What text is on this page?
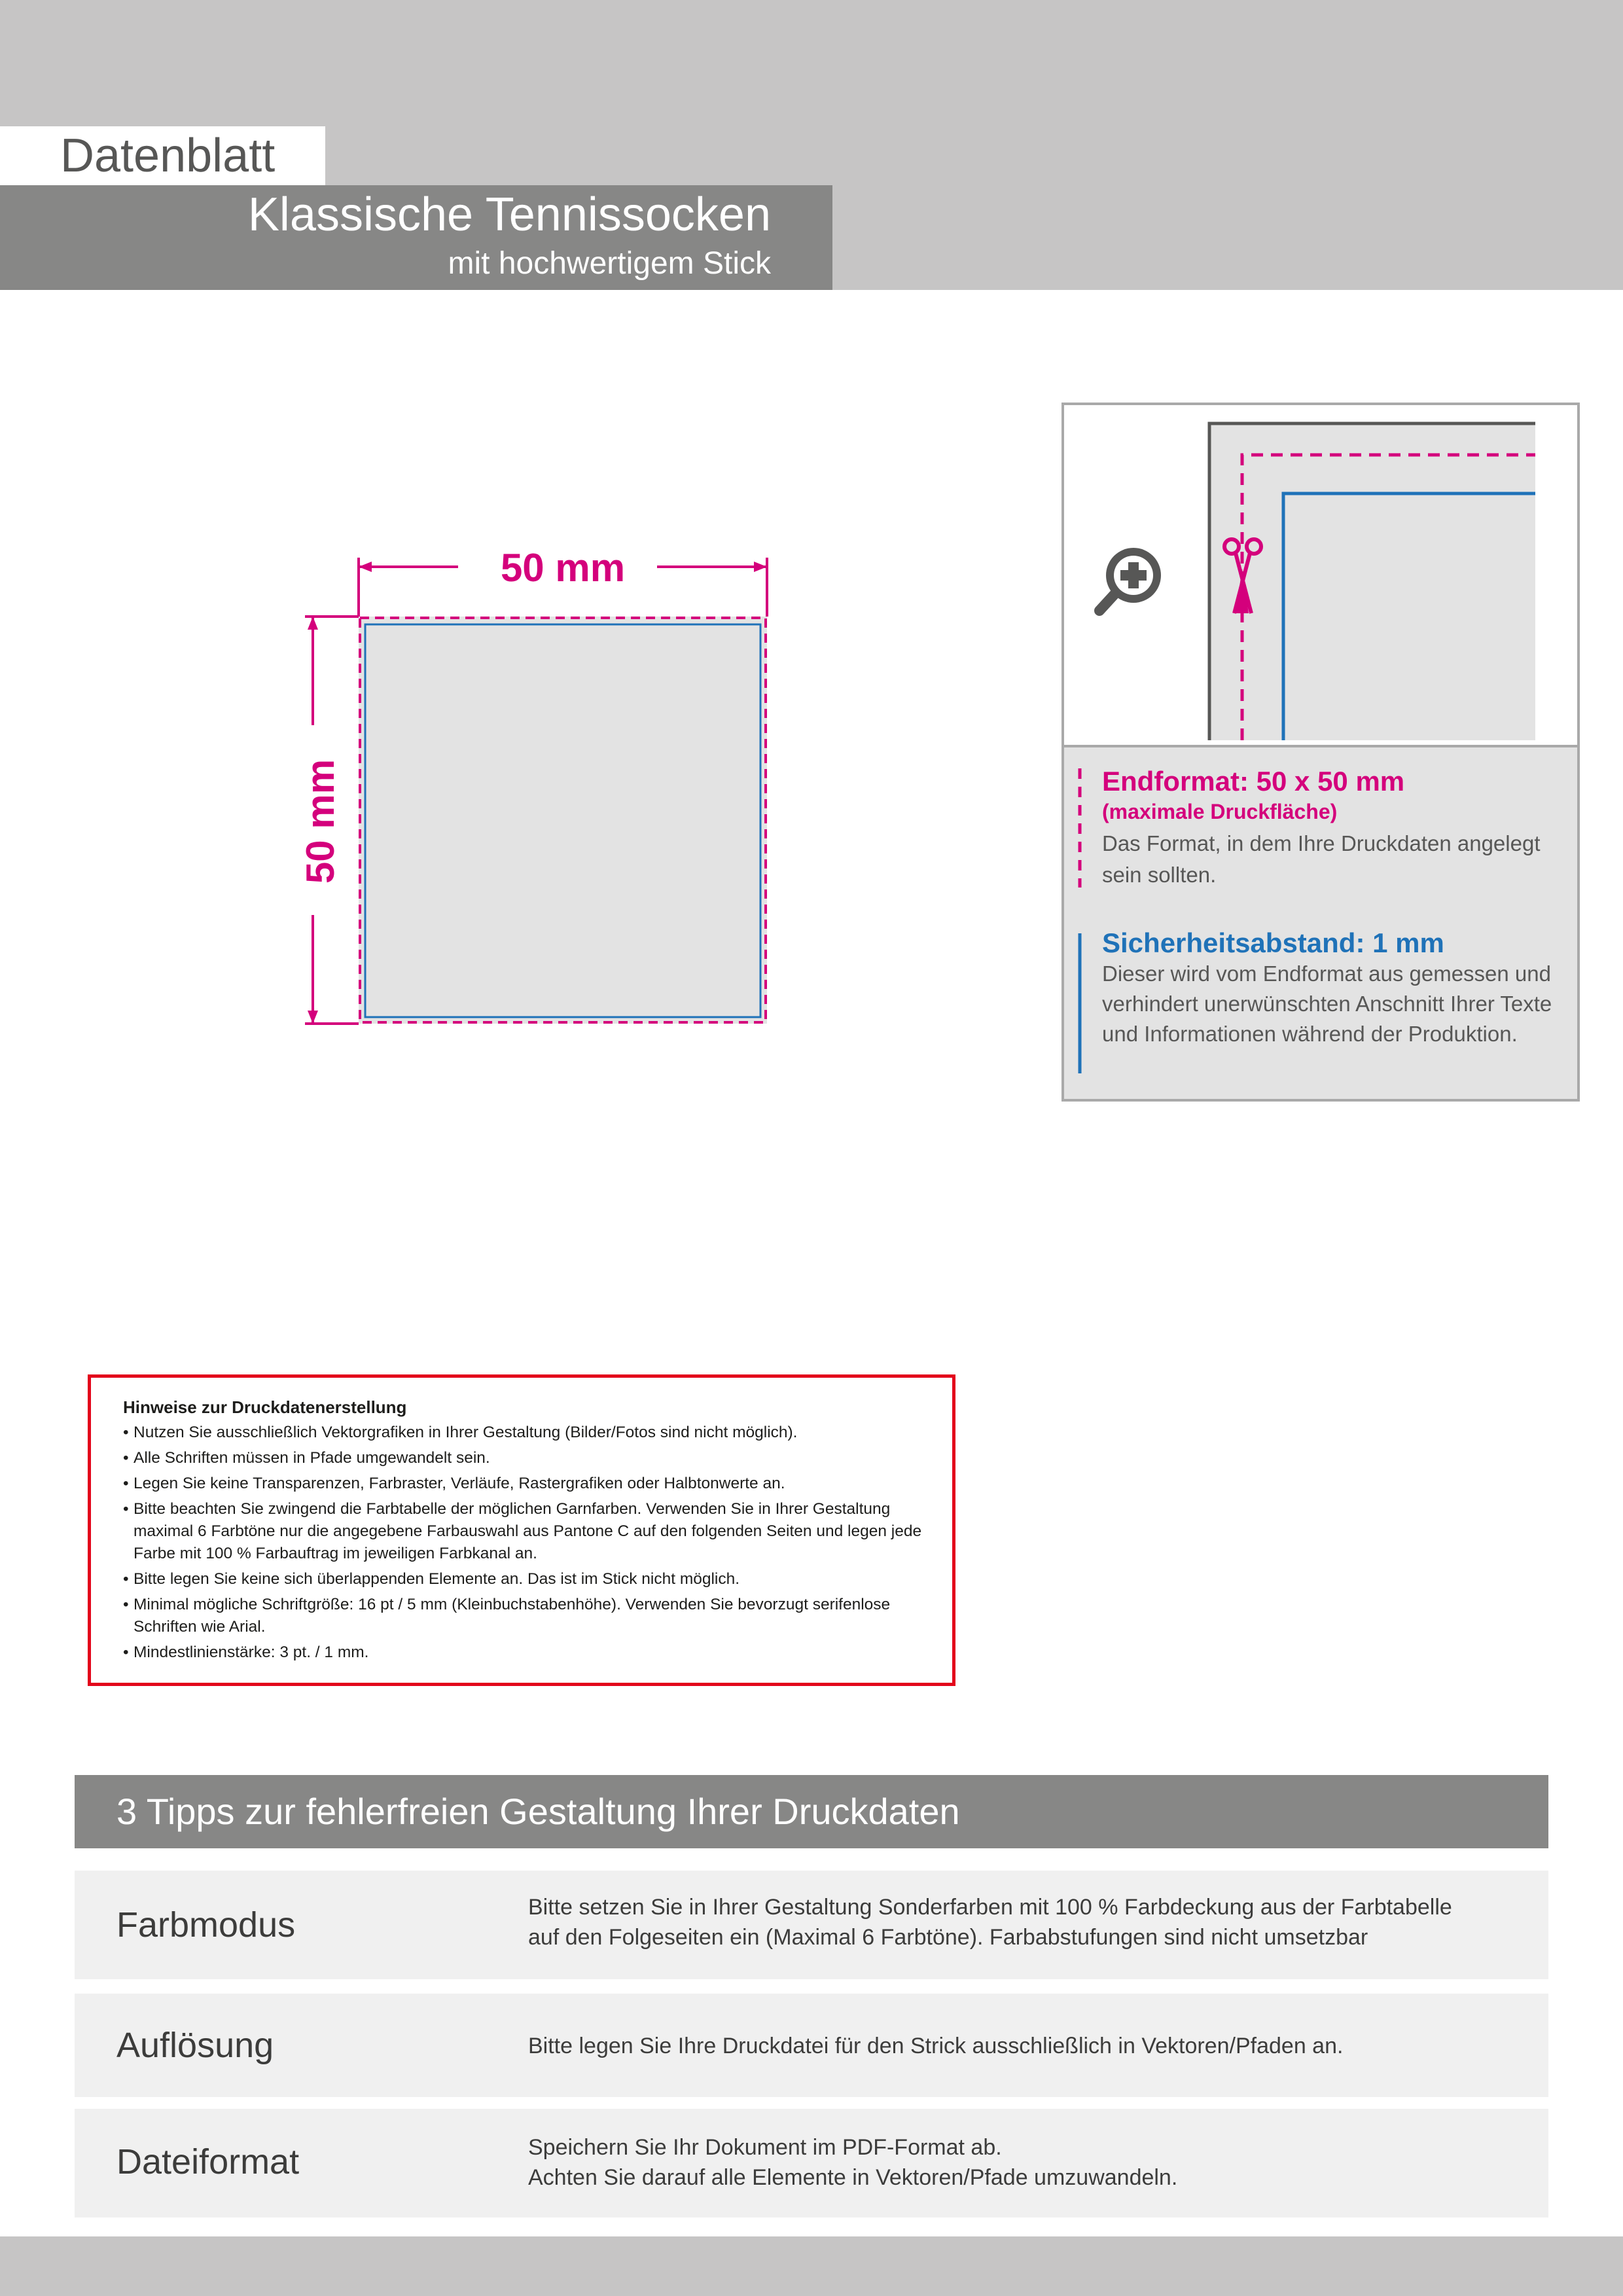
Datenblatt
Klassische Tennissocken
mit hochwertigem Stick
50 mm
50 mm	Endformat: 50 x 50 mm
(maximale Druckfläche)
Das Format, in dem Ihre Druckdaten angelegt sein sollten.
Sicherheitsabstand: 1 mm
Dieser wird vom Endformat aus gemessen und verhindert unerwünschten Anschnitt Ihrer Texte und Informationen während der Produktion.
Hinweise zur Druckdatenerstellung
• Nutzen Sie ausschließlich Vektorgrafiken in Ihrer Gestaltung (Bilder/Fotos sind nicht möglich).
• Alle Schriften müssen in Pfade umgewandelt sein.
• Legen Sie keine Transparenzen, Farbraster, Verläufe, Rastergrafiken oder Halbtonwerte an.
• Bitte beachten Sie zwingend die Farbtabelle der möglichen Garnfarben. Verwenden Sie in Ihrer Gestaltung maximal 6 Farbtöne nur die angegebene Farbauswahl aus Pantone C auf den folgenden Seiten und legen jede Farbe mit 100 % Farbauftrag im jeweiligen Farbkanal an.
• Bitte legen Sie keine sich überlappenden Elemente an. Das ist im Stick nicht möglich.
• Minimal mögliche Schriftgröße: 16 pt / 5 mm (Kleinbuchstabenhöhe). Verwenden Sie bevorzugt serifenlose Schriften wie Arial.
• Mindestlinienstärke: 3 pt. / 1 mm.
3 Tipps zur fehlerfreien Gestaltung Ihrer Druckdaten
Farbmodus	Bitte setzen Sie in Ihrer Gestaltung Sonderfarben mit 100 % Farbdeckung aus der Farbtabelle
auf den Folgeseiten ein (Maximal 6 Farbtöne). Farbabstufungen sind nicht umsetzbar
Auflösung	Bitte legen Sie Ihre Druckdatei für den Strick ausschließlich in Vektoren/Pfaden an.
Dateiformat	Speichern Sie Ihr Dokument im PDF-Format ab.
Achten Sie darauf alle Elemente in Vektoren/Pfade umzuwandeln.
